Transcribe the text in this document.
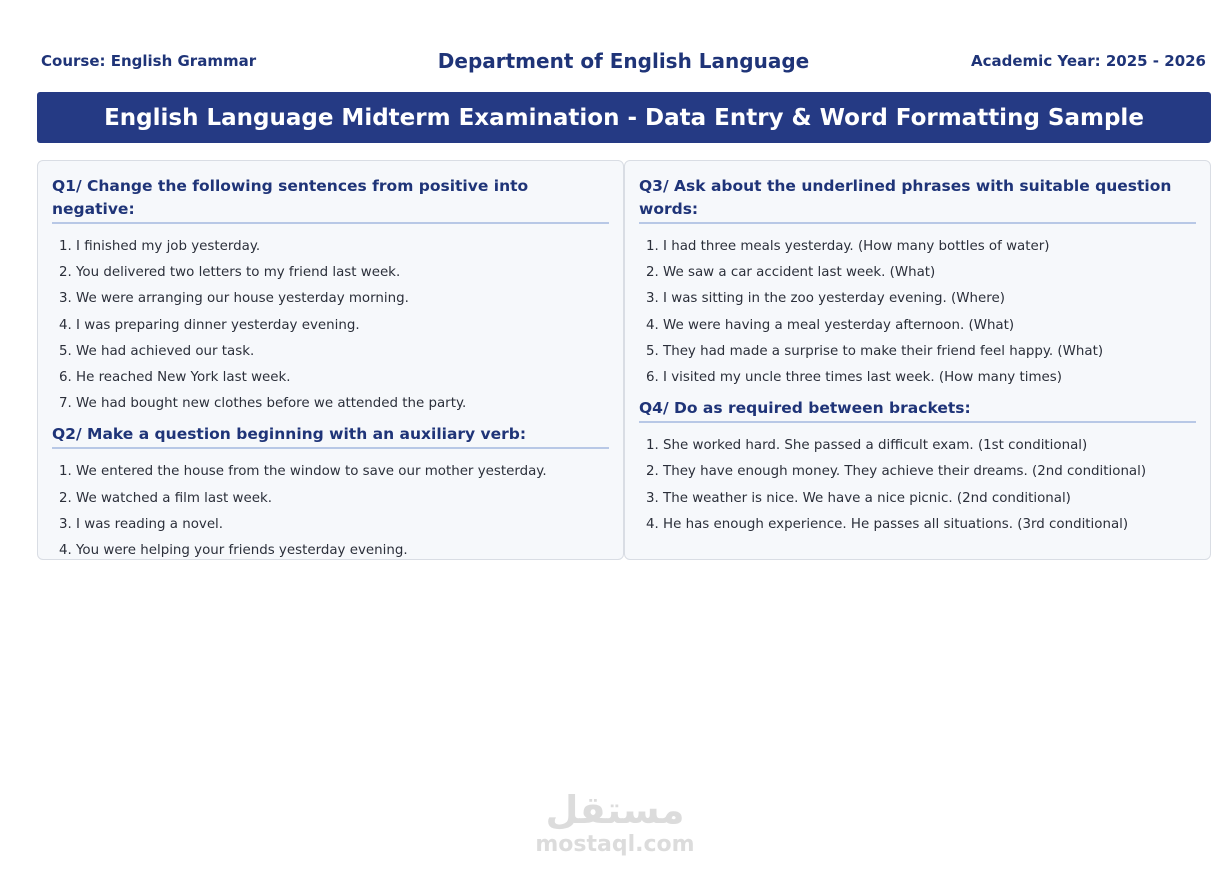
Course: English Grammar	Department of English Language	Academic Year: 2025 - 2026
English Language Midterm Examination - Data Entry & Word Formatting Sample
Q1/ Change the following sentences from positive into negative:
1. I finished my job yesterday.
2. You delivered two letters to my friend last week.
3. We were arranging our house yesterday morning.
4. I was preparing dinner yesterday evening.
5. We had achieved our task.
6. He reached New York last week.
7. We had bought new clothes before we attended the party.
Q2/ Make a question beginning with an auxiliary verb:
1. We entered the house from the window to save our mother yesterday.
2. We watched a film last week.
3. I was reading a novel.
4. You were helping your friends yesterday evening.
Q3/ Ask about the underlined phrases with suitable question words:
1. I had three meals yesterday. (How many bottles of water)
2. We saw a car accident last week. (What)
3. I was sitting in the zoo yesterday evening. (Where)
4. We were having a meal yesterday afternoon. (What)
5. They had made a surprise to make their friend feel happy. (What)
6. I visited my uncle three times last week. (How many times)
Q4/ Do as required between brackets:
1. She worked hard. She passed a difficult exam. (1st conditional)
2. They have enough money. They achieve their dreams. (2nd conditional)
3. The weather is nice. We have a nice picnic. (2nd conditional)
4. He has enough experience. He passes all situations. (3rd conditional)
مستقل
mostaql.com
